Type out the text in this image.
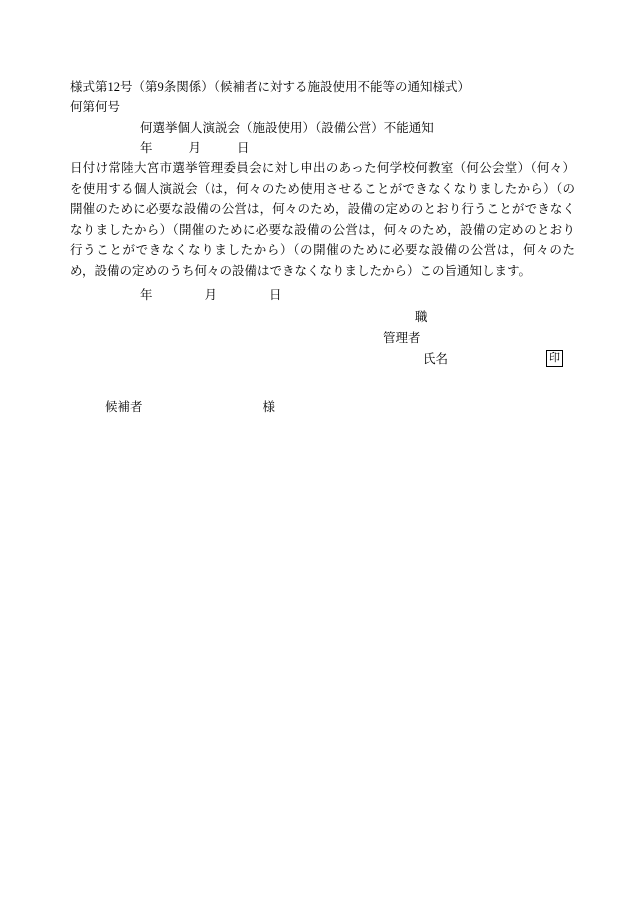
様式第12号（第9条関係）（候補者に対する施設使用不能等の通知様式）
何第何号
何選挙個人演説会（施設使用）（設備公営）不能通知
年	月	日
日付け常陸大宮市選挙管理委員会に対し申出のあった何学校何教室（何公会堂）（何々）を使用する個人演説会（は，何々のため使用させることができなくなりましたから）（の開催のために必要な設備の公営は，何々のため，設備の定めのとおり行うことができなくなりましたから）（開催のために必要な設備の公営は，何々のため，設備の定めのとおり行うことができなくなりましたから）（の開催のために必要な設備の公営は，何々のため，設備の定めのうち何々の設備はできなくなりましたから）この旨通知します。
年	月	日
職
管理者
氏名	印
候補者	様
